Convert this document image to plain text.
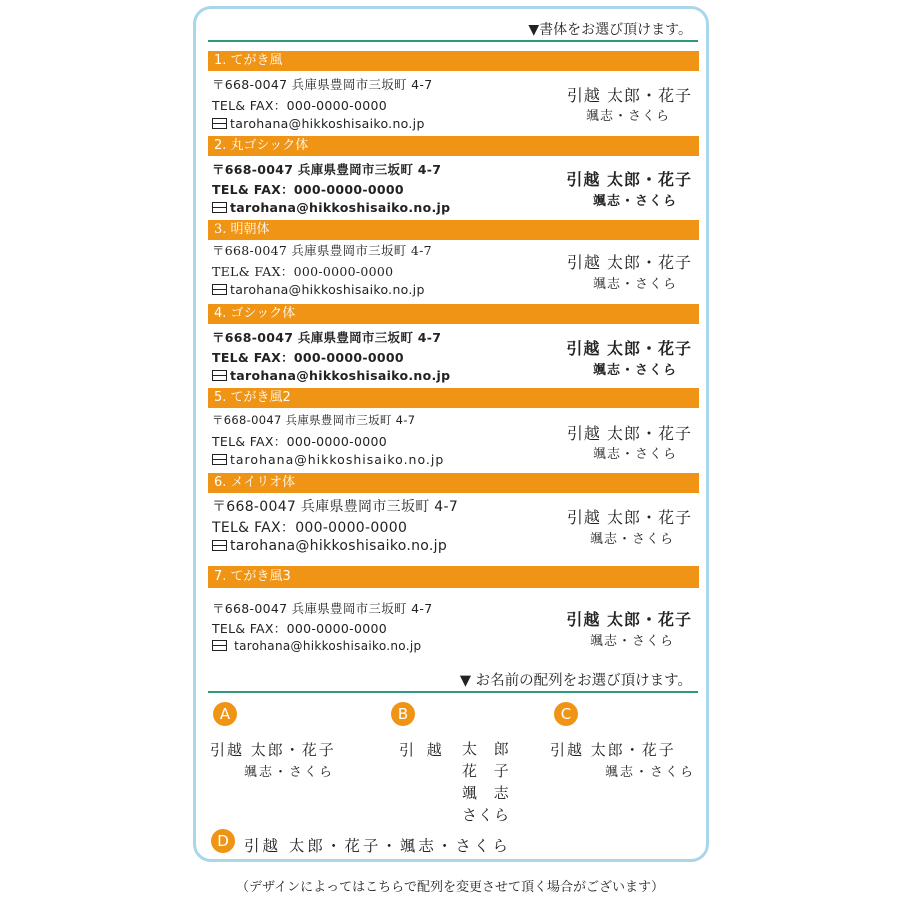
▼書体をお選び頂けます。
1. てがき風
〒668-0047 兵庫県豊岡市三坂町 4-7
TEL& FAX：000-0000-0000
tarohana@hikkoshisaiko.no.jp
引越 太郎・花子
颯志・さくら
2. 丸ゴシック体
〒668-0047 兵庫県豊岡市三坂町 4-7
TEL& FAX：000-0000-0000
tarohana@hikkoshisaiko.no.jp
引越 太郎・花子
颯志・さくら
3. 明朝体
〒668-0047 兵庫県豊岡市三坂町 4-7
TEL& FAX：000-0000-0000
tarohana@hikkoshisaiko.no.jp
引越 太郎・花子
颯志・さくら
4. ゴシック体
〒668-0047 兵庫県豊岡市三坂町 4-7
TEL& FAX：000-0000-0000
tarohana@hikkoshisaiko.no.jp
引越 太郎・花子
颯志・さくら
5. てがき風2
〒668-0047 兵庫県豊岡市三坂町 4-7
TEL& FAX：000-0000-0000
tarohana@hikkoshisaiko.no.jp
引越 太郎・花子
颯志・さくら
6. メイリオ体
〒668-0047 兵庫県豊岡市三坂町 4-7
TEL& FAX：000-0000-0000
tarohana@hikkoshisaiko.no.jp
引越 太郎・花子
颯志・さくら
7. てがき風3
〒668-0047 兵庫県豊岡市三坂町 4-7
TEL& FAX：000-0000-0000
tarohana@hikkoshisaiko.no.jp
引越 太郎・花子
颯志・さくら
▼ お名前の配列をお選び頂けます。
A
引越 太郎・花子
颯志・さくら
B
引 越 太 郎
花 子
颯 志
さくら
C
引越 太郎・花子
颯志・さくら
D 引越 太郎・花子・颯志・さくら
（デザインによってはこちらで配列を変更させて頂く場合がございます）
